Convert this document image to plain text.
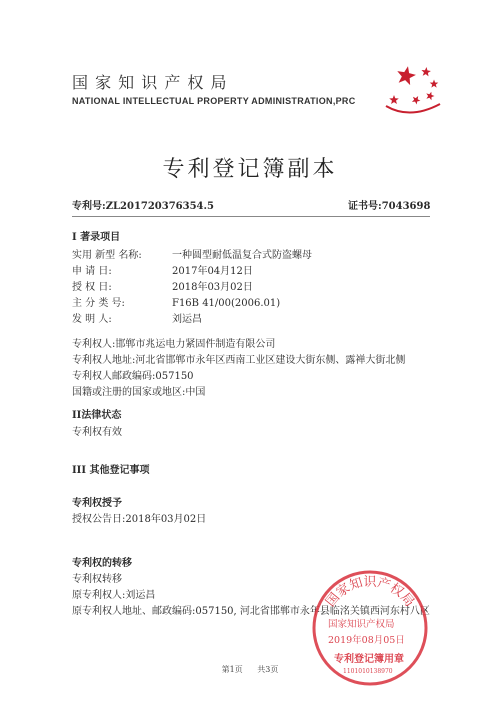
国 家 知 识 产 权 局
NATIONAL INTELLECTUAL PROPERTY ADMINISTRATION,PRC
专利登记簿副本
专利号:ZL201720376354.5	证书号:7043698
I 著录项目
实用 新型 名称:	一种圆型耐低温复合式防盗螺母
申 请 日:	2017年04月12日
授 权 日:	2018年03月02日
主 分 类 号:	F16B 41/00(2006.01)
发 明 人:	刘运昌
专利权人:邯郸市兆运电力紧固件制造有限公司
专利权人地址:河北省邯郸市永年区西南工业区建设大街东侧、露禅大街北侧
专利权人邮政编码:057150
国籍或注册的国家或地区:中国
II法律状态
专利权有效
III 其他登记事项
专利权授予
授权公告日:2018年03月02日
专利权的转移
专利权转移
原专利权人:刘运昌
原专利权人地址、邮政编码:057150, 河北省邯郸市永年县临洺关镇西河东村八区
国家知识产权局
国家知识产权局
2019年08月05日
专利登记簿用章
1101010138970
第1页 共3页
